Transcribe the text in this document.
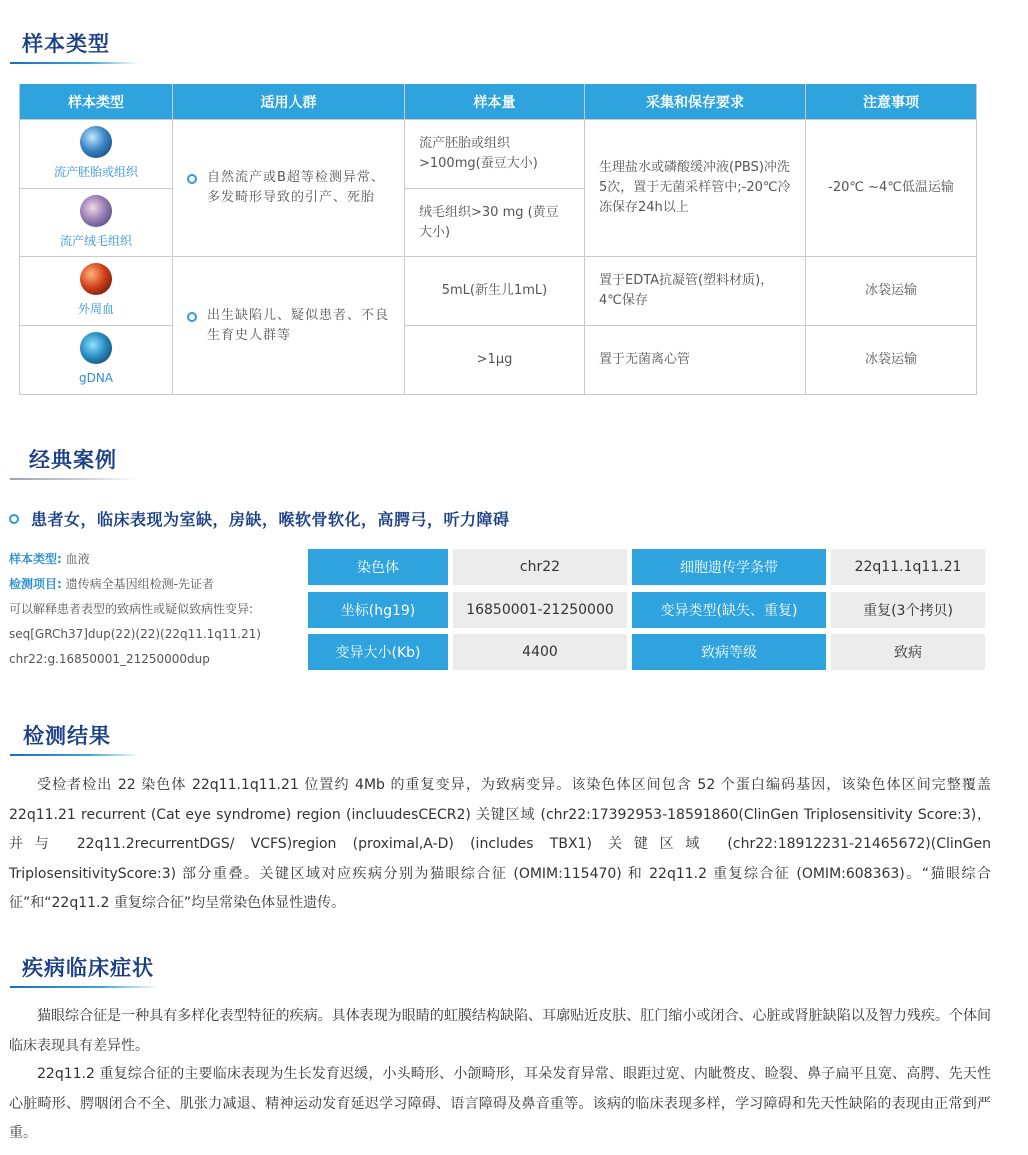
样本类型
样本类型	适用人群	样本量	采集和保存要求	注意事项

流产胚胎或组织	自然流产或B超等检测异常、多发畸形导致的引产、死胎	流产胚胎或组织>100mg(蚕豆大小)	生理盐水或磷酸缓冲液(PBS)冲洗5次，置于无菌采样管中;-20℃冷冻保存24h以上	-20℃ ~4℃低温运输

流产绒毛组织		绒毛组织>30 mg (黄豆大小)		

外周血	出生缺陷儿、疑似患者、不良生育史人群等	5mL(新生儿1mL)	置于EDTA抗凝管(塑料材质)，4℃保存	冰袋运输

gDNA		>1μg	置于无菌离心管	冰袋运输
经典案例
患者女，临床表现为室缺，房缺，喉软骨软化，高腭弓，听力障碍
样本类型: 血液
检测项目: 遗传病全基因组检测-先证者
可以解释患者表型的致病性或疑似致病性变异:
seq[GRCh37]dup(22)(22)(22q11.1q11.21)
chr22:g.16850001_21250000dup
染色体	chr22	细胞遗传学条带	22q11.1q11.21
坐标(hg19)	16850001-21250000	变异类型(缺失、重复)	重复(3个拷贝)
变异大小(Kb)	4400	致病等级	致病
检测结果

受检者检出 22 染色体 22q11.1q11.21 位置约 4Mb 的重复变异，为致病变异。该染色体区间包含 52 个蛋白编码基因，该染色体区间完整覆盖 22q11.21 recurrent (Cat eye syndrome) region (incluudesCECR2) 关键区域 (chr22:17392953-18591860(ClinGen Triplosensitivity Score:3)，并与 22q11.2recurrentDGS/ VCFS)region (proximal,A-D) (includes TBX1) 关键区域 (chr22:18912231-21465672)(ClinGen TriplosensitivityScore:3) 部分重叠。关键区域对应疾病分别为猫眼综合征 (OMIM:115470) 和 22q11.2 重复综合征 (OMIM:608363)。“猫眼综合征”和“22q11.2 重复综合征”均呈常染色体显性遗传。

疾病临床症状

猫眼综合征是一种具有多样化表型特征的疾病。具体表现为眼睛的虹膜结构缺陷、耳廓贴近皮肤、肛门缩小或闭合、心脏或肾脏缺陷以及智力残疾。个体间临床表现具有差异性。

22q11.2 重复综合征的主要临床表现为生长发育迟缓，小头畸形、小颌畸形，耳朵发育异常、眼距过宽、内眦赘皮、睑裂、鼻子扁平且宽、高腭、先天性心脏畸形、腭咽闭合不全、肌张力减退、精神运动发育延迟学习障碍、语言障碍及鼻音重等。该病的临床表现多样，学习障碍和先天性缺陷的表现由正常到严重。
